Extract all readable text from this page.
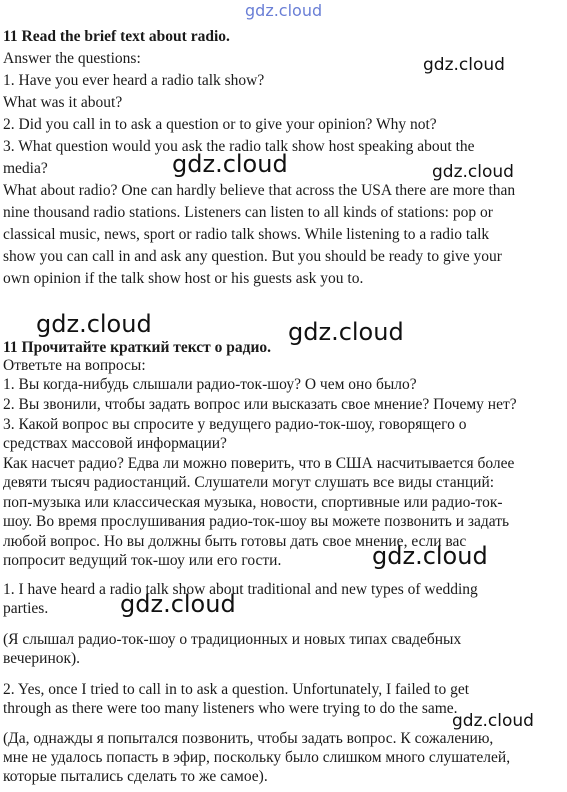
gdz.cloud
gdz.cloud
gdz.cloud	gdz.cloud
gdz.cloud	gdz.cloud
gdz.cloud
gdz.cloud
gdz.cloud
11 Read the brief text about radio.
Answer the questions:
1. Have you ever heard a radio talk show?
What was it about?
2. Did you call in to ask a question or to give your opinion? Why not?
3. What question would you ask the radio talk show host speaking about the
media?
What about radio? One can hardly believe that across the USA there are more than
nine thousand radio stations. Listeners can listen to all kinds of stations: pop or
classical music, news, sport or radio talk shows. While listening to a radio talk
show you can call in and ask any question. But you should be ready to give your
own opinion if the talk show host or his guests ask you to.
11 Прочитайте краткий текст о радио.
Ответьте на вопросы:
1. Вы когда-нибудь слышали радио-ток-шоу? О чем оно было?
2. Вы звонили, чтобы задать вопрос или высказать свое мнение? Почему нет?
3. Какой вопрос вы спросите у ведущего радио-ток-шоу, говорящего о
средствах массовой информации?
Как насчет радио? Едва ли можно поверить, что в США насчитывается более
девяти тысяч радиостанций. Слушатели могут слушать все виды станций:
поп-музыка или классическая музыка, новости, спортивные или радио-ток-
шоу. Во время прослушивания радио-ток-шоу вы можете позвонить и задать
любой вопрос. Но вы должны быть готовы дать свое мнение, если вас
попросит ведущий ток-шоу или его гости.
1. I have heard a radio talk show about traditional and new types of wedding
parties.
(Я слышал радио-ток-шоу о традиционных и новых типах свадебных
вечеринок).
2. Yes, once I tried to call in to ask a question. Unfortunately, I failed to get
through as there were too many listeners who were trying to do the same.
(Да, однажды я попытался позвонить, чтобы задать вопрос. К сожалению,
мне не удалось попасть в эфир, поскольку было слишком много слушателей,
которые пытались сделать то же самое).
